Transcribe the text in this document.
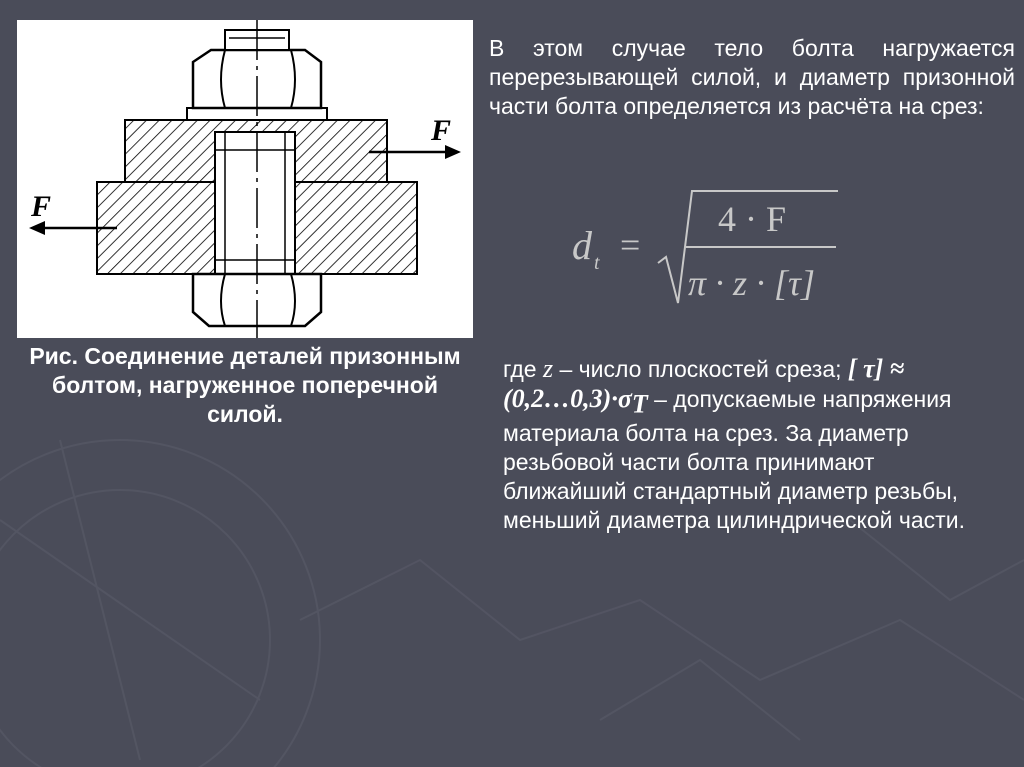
F
F
Рис. Соединение деталей призонным болтом, нагруженное поперечной силой.
В этом случае тело болта нагружается перерезывающей силой, и диаметр призонной части болта определяется из расчёта на срез:
d t =
4 · F
π · z · [τ]
где z – число плоскостей среза; [ τ] ≈
$(0,2\dots 0,3)\cdot\sigma_T$ – допускаемые напряжения материала болта на срез. За диаметр резьбовой части болта принимают ближайший стандартный диаметр резьбы, меньший диаметра цилиндрической части.
